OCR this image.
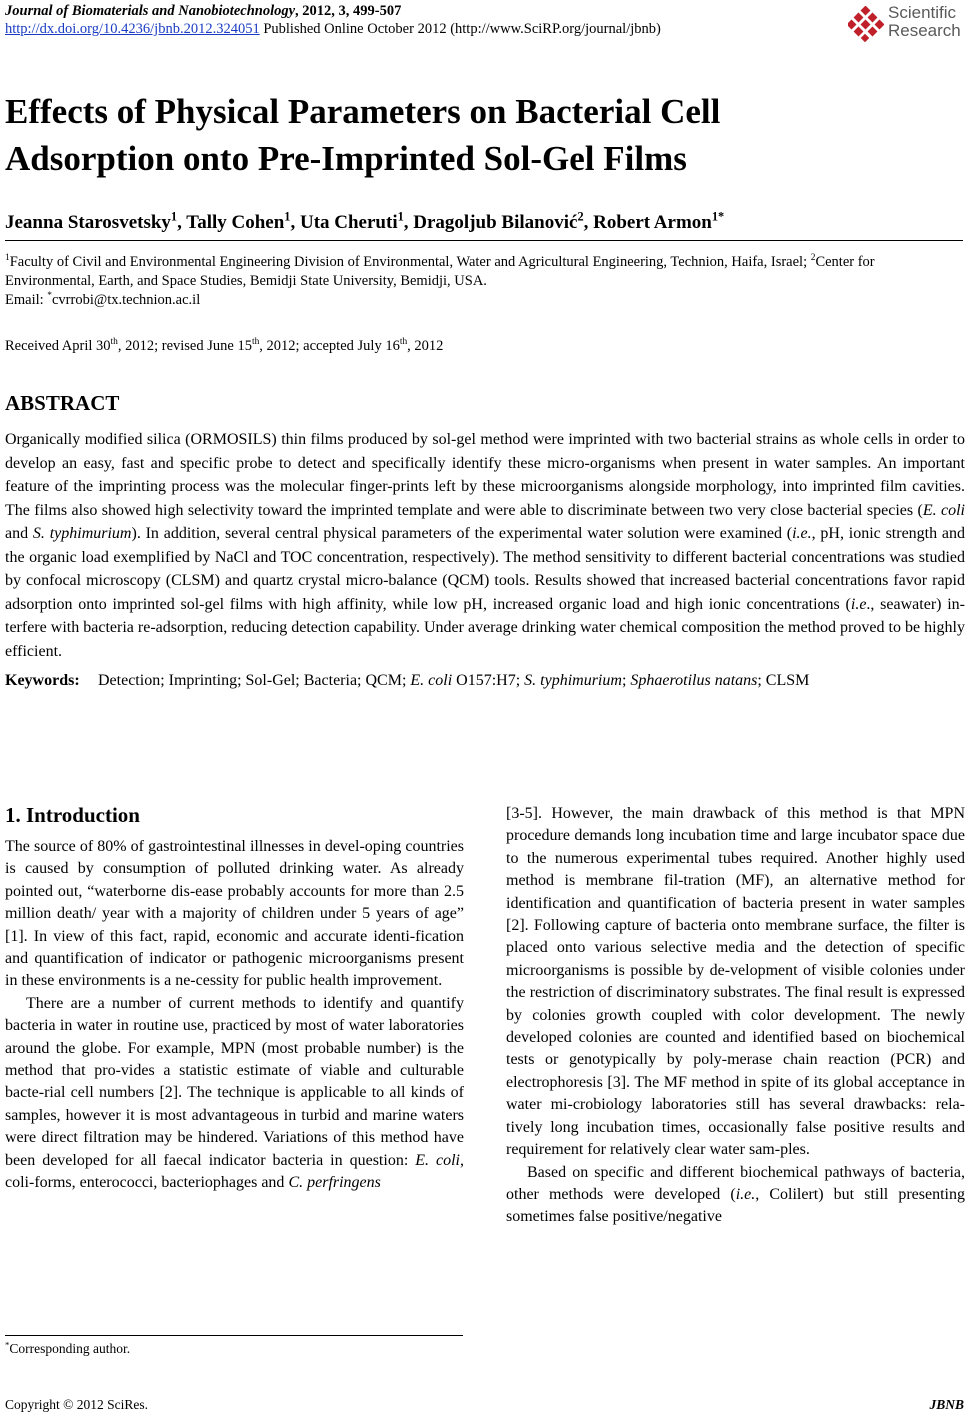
Journal of Biomaterials and Nanobiotechnology, 2012, 3, 499-507
http://dx.doi.org/10.4236/jbnb.2012.324051 Published Online October 2012 (http://www.SciRP.org/journal/jbnb)
Scientific
Research
Effects of Physical Parameters on Bacterial Cell
Adsorption onto Pre-Imprinted Sol-Gel Films
Jeanna Starosvetsky$^1$, Tally Cohen$^1$, Uta Cheruti$^1$, Dragoljub Bilanović$^2$, Robert Armon$^{1*}$

$^1$Faculty of Civil and Environmental Engineering Division of Environmental, Water and Agricultural Engineering, Technion, Haifa, Israel; $^2$Center for Environmental, Earth, and Space Studies, Bemidji State University, Bemidji, USA.

Email: *cvrrobi@tx.technion.ac.il

Received April 30th, 2012; revised June 15th, 2012; accepted July 16th, 2012
ABSTRACT

Organically modified silica (ORMOSILS) thin films produced by sol-gel method were imprinted with two bacterial strains as whole cells in order to develop an easy, fast and specific probe to detect and specifically identify these micro-organisms when present in water samples. An important feature of the imprinting process was the molecular finger-prints left by these microorganisms alongside morphology, into imprinted film cavities. The films also showed high selectivity toward the imprinted template and were able to discriminate between two very close bacterial species (E. coli and S. typhimurium). In addition, several central physical parameters of the experimental water solution were examined (i.e., pH, ionic strength and the organic load exemplified by NaCl and TOC concentration, respectively). The method sensitivity to different bacterial concentrations was studied by confocal microscopy (CLSM) and quartz crystal micro-balance (QCM) tools. Results showed that increased bacterial concentrations favor rapid adsorption onto imprinted sol-gel films with high affinity, while low pH, increased organic load and high ionic concentrations (i.e., seawater) in-terfere with bacteria re-adsorption, reducing detection capability. Under average drinking water chemical composition the method proved to be highly efficient.

Keywords: Detection; Imprinting; Sol-Gel; Bacteria; QCM; E. coli O157:H7; S. typhimurium; Sphaerotilus natans; CLSM
1. Introduction

The source of 80% of gastrointestinal illnesses in devel-oping countries is caused by consumption of polluted drinking water. As already pointed out, “waterborne dis-ease probably accounts for more than 2.5 million death/ year with a majority of children under 5 years of age” [1]. In view of this fact, rapid, economic and accurate identi-fication and quantification of indicator or pathogenic microorganisms present in these environments is a ne-cessity for public health improvement.

There are a number of current methods to identify and quantify bacteria in water in routine use, practiced by most of water laboratories around the globe. For example, MPN (most probable number) is the method that pro-vides a statistic estimate of viable and culturable bacte-rial cell numbers [2]. The technique is applicable to all kinds of samples, however it is most advantageous in turbid and marine waters were direct filtration may be hindered. Variations of this method have been developed for all faecal indicator bacteria in question: E. coli, coli-forms, enterococci, bacteriophages and C. perfringens

[3-5]. However, the main drawback of this method is that MPN procedure demands long incubation time and large incubator space due to the numerous experimental tubes required. Another highly used method is membrane fil-tration (MF), an alternative method for identification and quantification of bacteria present in water samples [2]. Following capture of bacteria onto membrane surface, the filter is placed onto various selective media and the detection of specific microorganisms is possible by de-velopment of visible colonies under the restriction of discriminatory substrates. The final result is expressed by colonies growth coupled with color development. The newly developed colonies are counted and identified based on biochemical tests or genotypically by poly-merase chain reaction (PCR) and electrophoresis [3]. The MF method in spite of its global acceptance in water mi-crobiology laboratories still has several drawbacks: rela-tively long incubation times, occasionally false positive results and requirement for relatively clear water sam-ples.

Based on specific and different biochemical pathways of bacteria, other methods were developed (i.e., Colilert) but still presenting sometimes false positive/negative

*Corresponding author.
Copyright © 2012 SciRes.	JBNB
